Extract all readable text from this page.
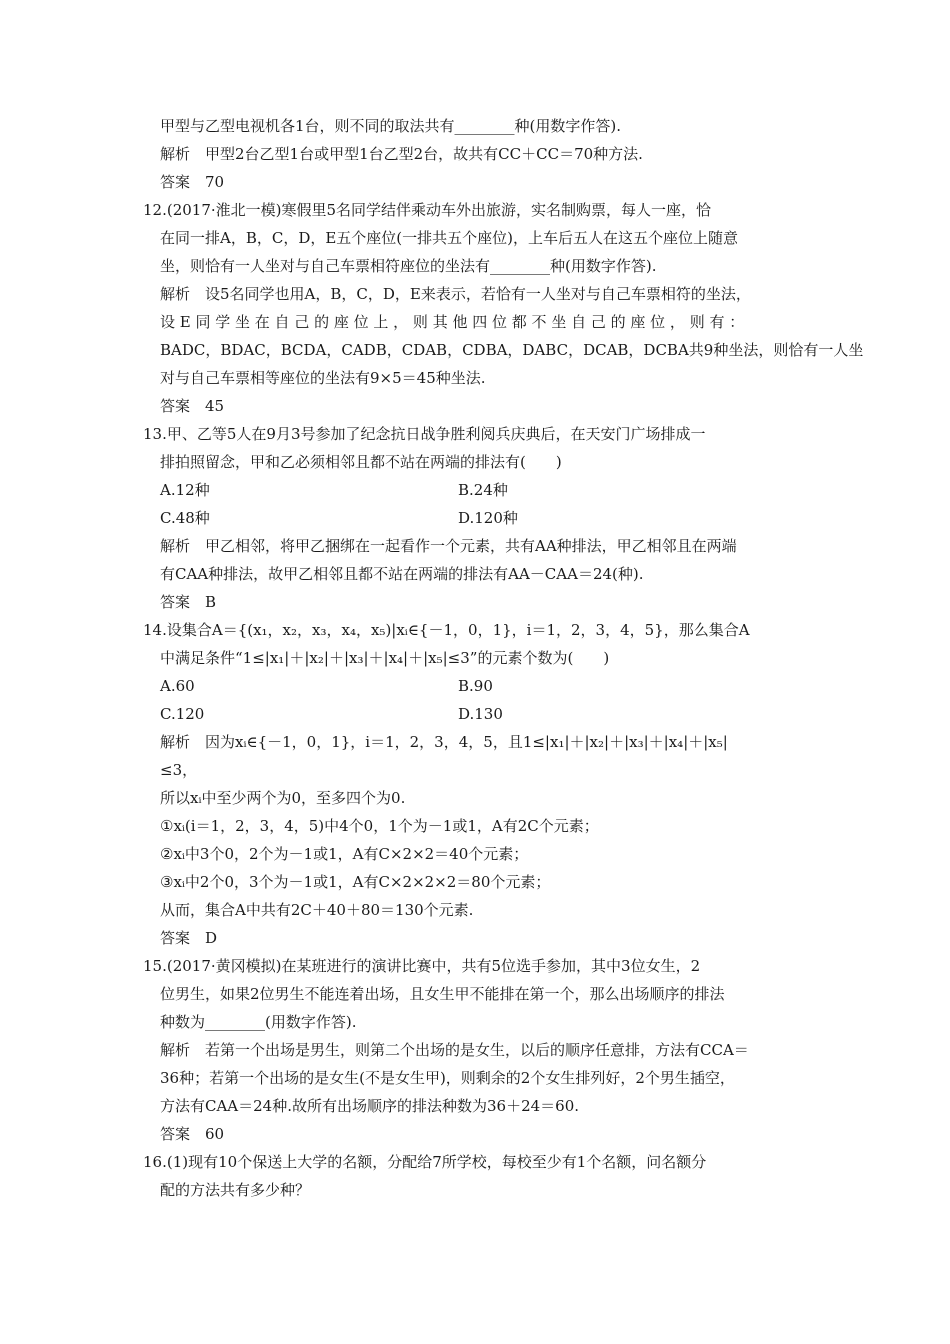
甲型与乙型电视机各1台，则不同的取法共有________种(用数字作答).
解析　甲型2台乙型1台或甲型1台乙型2台，故共有CC＋CC＝70种方法.
答案　70
12.(2017·淮北一模)寒假里5名同学结伴乘动车外出旅游，实名制购票，每人一座，恰
在同一排A，B，C，D，E五个座位(一排共五个座位)，上车后五人在这五个座位上随意
坐，则恰有一人坐对与自己车票相符座位的坐法有________种(用数字作答).
解析　设5名同学也用A，B，C，D，E来表示，若恰有一人坐对与自己车票相符的坐法，
设 E 同 学 坐 在 自 己 的 座 位 上 ， 则 其 他 四 位 都 不 坐 自 己 的 座 位 ， 则 有 ：
BADC，BDAC，BCDA，CADB，CDAB，CDBA，DABC，DCAB，DCBA共9种坐法，则恰有一人坐
对与自己车票相等座位的坐法有9×5＝45种坐法.
答案　45
13.甲、乙等5人在9月3号参加了纪念抗日战争胜利阅兵庆典后，在天安门广场排成一
排拍照留念，甲和乙必须相邻且都不站在两端的排法有(　　)
A.12种
C.48种
解析　甲乙相邻，将甲乙捆绑在一起看作一个元素，共有AA种排法，甲乙相邻且在两端
有CAA种排法，故甲乙相邻且都不站在两端的排法有AA－CAA＝24(种).
答案　B
14.设集合A＝{(x₁，x₂，x₃，x₄，x₅)|xᵢ∈{－1，0，1}，i＝1，2，3，4，5}，那么集合A
中满足条件“1≤|x₁|＋|x₂|＋|x₃|＋|x₄|＋|x₅|≤3”的元素个数为(　　)
A.60
C.120
解析　因为xᵢ∈{－1，0，1}，i＝1，2，3，4，5，且1≤|x₁|＋|x₂|＋|x₃|＋|x₄|＋|x₅|
≤3，
所以xᵢ中至少两个为0，至多四个为0.
①xᵢ(i＝1，2，3，4，5)中4个0，1个为－1或1，A有2C个元素；
②xᵢ中3个0，2个为－1或1，A有C×2×2＝40个元素；
③xᵢ中2个0，3个为－1或1，A有C×2×2×2＝80个元素；
从而，集合A中共有2C＋40＋80＝130个元素.
答案　D
15.(2017·黄冈模拟)在某班进行的演讲比赛中，共有5位选手参加，其中3位女生，2
位男生，如果2位男生不能连着出场，且女生甲不能排在第一个，那么出场顺序的排法
种数为________(用数字作答).
解析　若第一个出场是男生，则第二个出场的是女生，以后的顺序任意排，方法有CCA＝
36种；若第一个出场的是女生(不是女生甲)，则剩余的2个女生排列好，2个男生插空，
方法有CAA＝24种.故所有出场顺序的排法种数为36＋24＝60.
答案　60
16.(1)现有10个保送上大学的名额，分配给7所学校，每校至少有1个名额，问名额分
配的方法共有多少种？
B.24种
D.120种
B.90
D.130
